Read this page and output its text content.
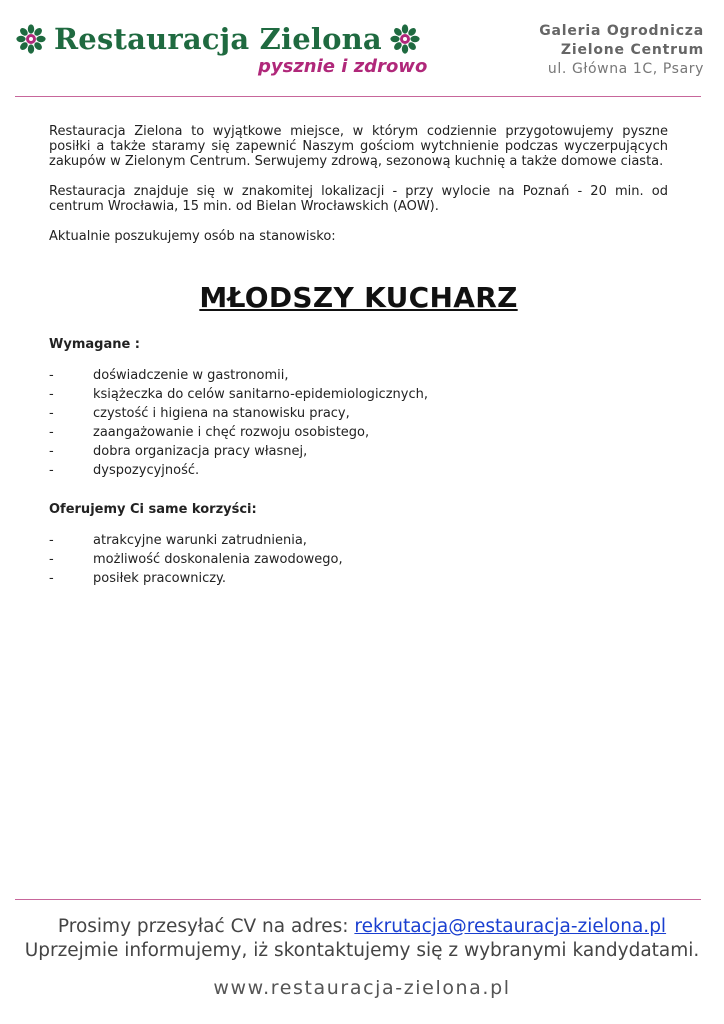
Restauracja Zielona
pysznie i zdrowo
Galeria Ogrodnicza
Zielone Centrum
ul. Główna 1C, Psary

Restauracja Zielona to wyjątkowe miejsce, w którym codziennie przygotowujemy pyszne posiłki a także staramy się zapewnić Naszym gościom wytchnienie podczas wyczerpujących zakupów w Zielonym Centrum. Serwujemy zdrową, sezonową kuchnię a także domowe ciasta.

Restauracja znajduje się w znakomitej lokalizacji - przy wylocie na Poznań - 20 min. od centrum Wrocławia, 15 min. od Bielan Wrocławskich (AOW).

Aktualnie poszukujemy osób na stanowisko:

MŁODSZY KUCHARZ
Wymagane :
-	doświadczenie w gastronomii,
-	książeczka do celów sanitarno-epidemiologicznych,
-	czystość i higiena na stanowisku pracy,
-	zaangażowanie i chęć rozwoju osobistego,
-	dobra organizacja pracy własnej,
-	dyspozycyjność.
Oferujemy Ci same korzyści:
-	atrakcyjne warunki zatrudnienia,
-	możliwość doskonalenia zawodowego,
-	posiłek pracowniczy.
Prosimy przesyłać CV na adres: rekrutacja@restauracja-zielona.pl
Uprzejmie informujemy, iż skontaktujemy się z wybranymi kandydatami.
www.restauracja-zielona.pl
